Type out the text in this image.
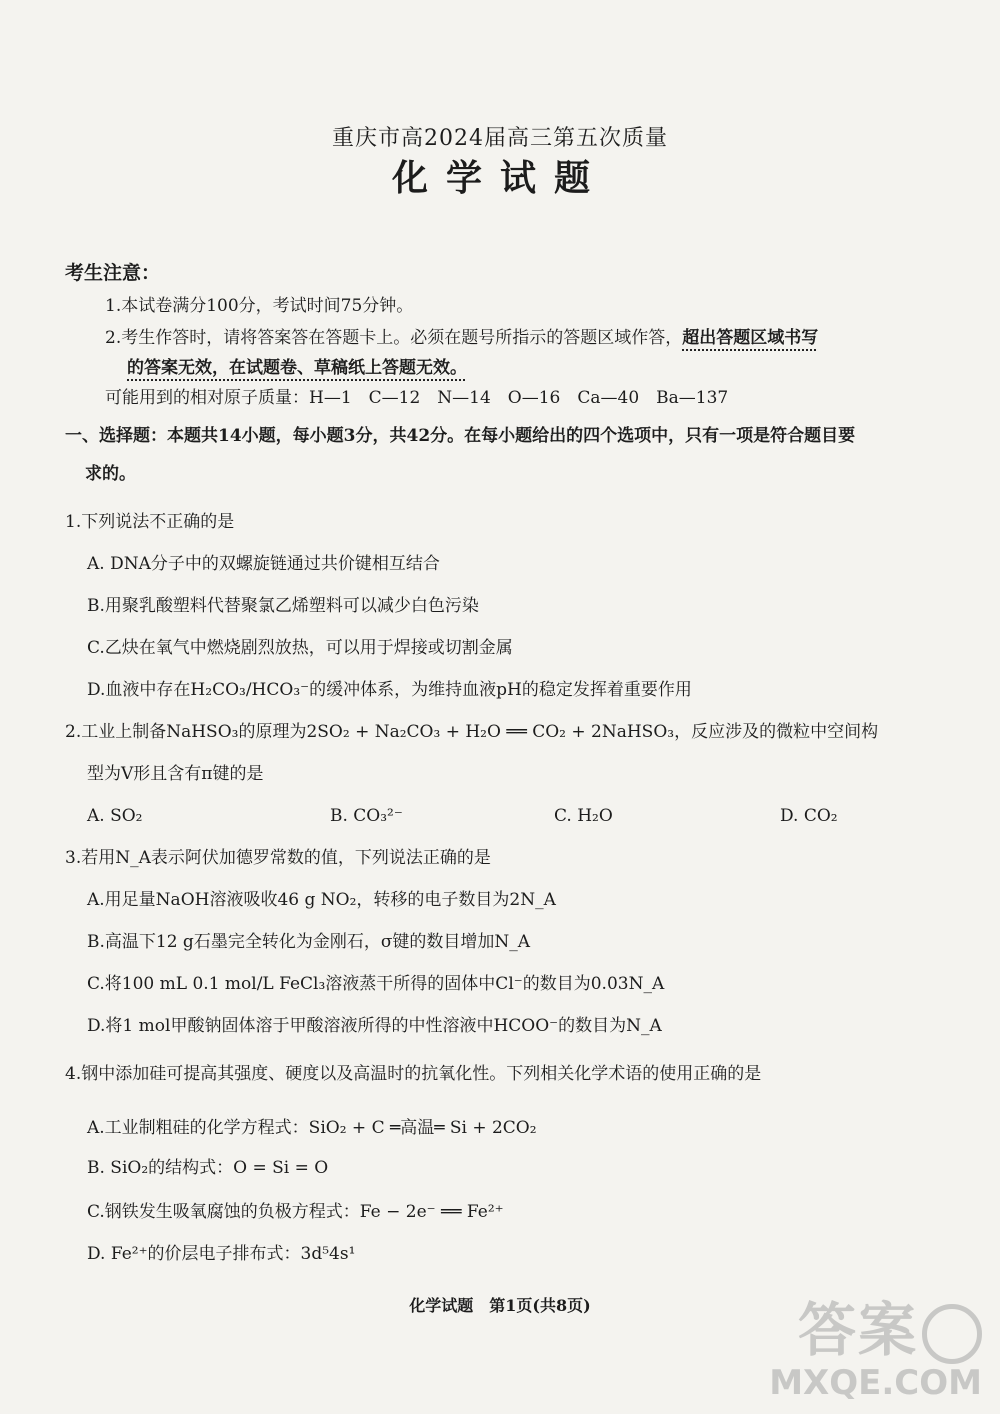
重庆市高2024届高三第五次质量
化学试题
考生注意：
1.本试卷满分100分，考试时间75分钟。
2.考生作答时，请将答案答在答题卡上。必须在题号所指示的答题区域作答，超出答题区域书写
的答案无效，在试题卷、草稿纸上答题无效。
可能用到的相对原子质量：H—1　C—12　N—14　O—16　Ca—40　Ba—137
一、选择题：本题共14小题，每小题3分，共42分。在每小题给出的四个选项中，只有一项是符合题目要
求的。
1.下列说法不正确的是
A. DNA分子中的双螺旋链通过共价键相互结合
B.用聚乳酸塑料代替聚氯乙烯塑料可以减少白色污染
C.乙炔在氧气中燃烧剧烈放热，可以用于焊接或切割金属
D.血液中存在H₂CO₃/HCO₃⁻的缓冲体系，为维持血液pH的稳定发挥着重要作用
2.工业上制备NaHSO₃的原理为2SO₂ + Na₂CO₃ + H₂O ══ CO₂ + 2NaHSO₃，反应涉及的微粒中空间构
型为V形且含有π键的是
A. SO₂	B. CO₃²⁻	C. H₂O	D. CO₂
3.若用N_A表示阿伏加德罗常数的值，下列说法正确的是
A.用足量NaOH溶液吸收46 g NO₂，转移的电子数目为2N_A
B.高温下12 g石墨完全转化为金刚石，σ键的数目增加N_A
C.将100 mL 0.1 mol/L FeCl₃溶液蒸干所得的固体中Cl⁻的数目为0.03N_A
D.将1 mol甲酸钠固体溶于甲酸溶液所得的中性溶液中HCOO⁻的数目为N_A
4.钢中添加硅可提高其强度、硬度以及高温时的抗氧化性。下列相关化学术语的使用正确的是
A.工业制粗硅的化学方程式：SiO₂ + C ═高温═ Si + 2CO₂
B. SiO₂的结构式：O = Si = O
C.钢铁发生吸氧腐蚀的负极方程式：Fe − 2e⁻ ══ Fe²⁺
D. Fe²⁺的价层电子排布式：3d⁵4s¹
化学试题　第1页(共8页)	答案
MXQE.COM
